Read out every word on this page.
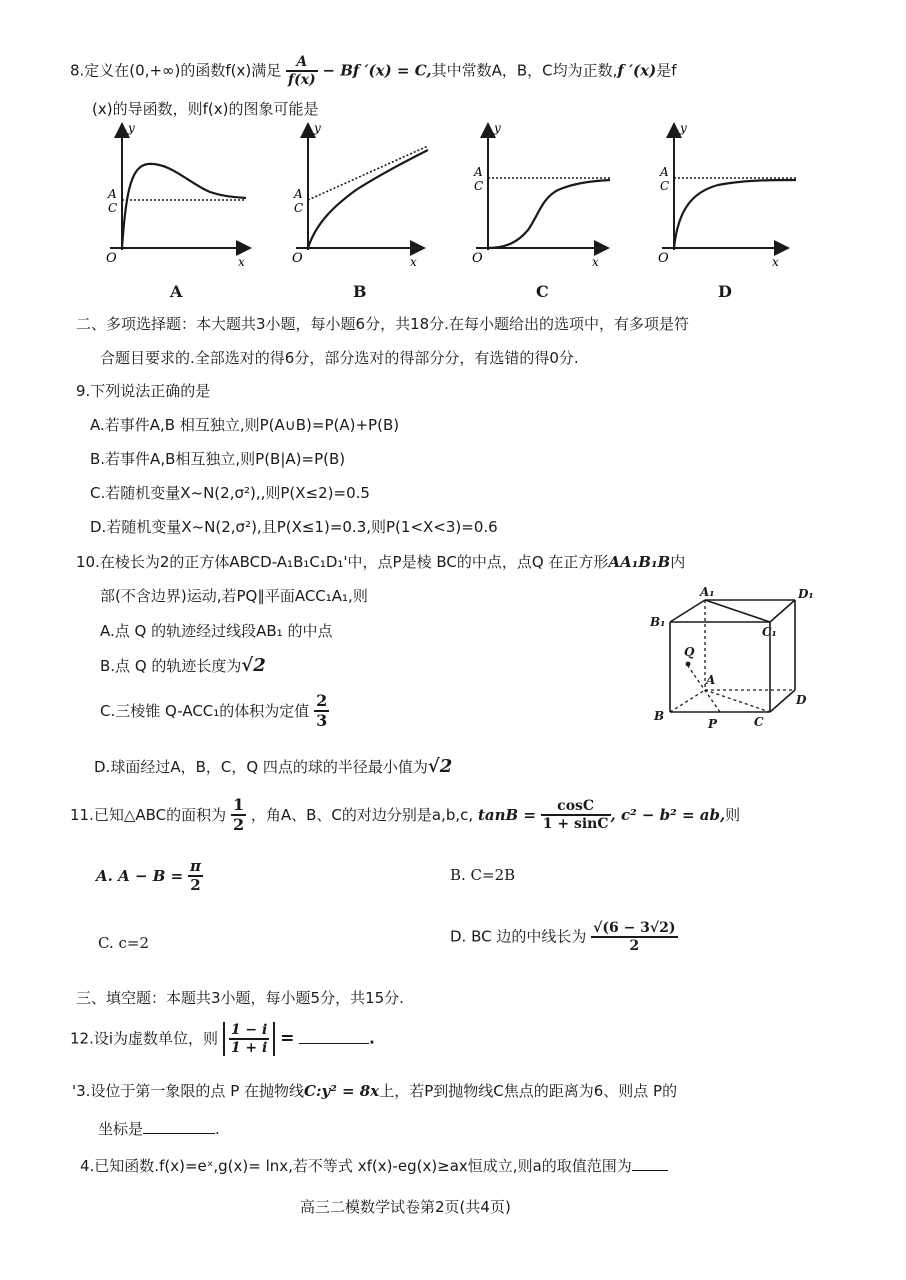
8.定义在(0,+∞)的函数f(x)满足 $\frac{A}{f(x)} - Bf$ ′(x) = C,其中常数A，B，C均为正数,f ′(x)是f
(x)的导函数，则f(x)的图象可能是
y
x
O
A
C
y
x
O
A
C
y
x
O
A
C
y
x
O
A
C
A	B	C	D
二、多项选择题：本大题共3小题，每小题6分，共18分.在每小题给出的选项中，有多项是符
合题目要求的.全部选对的得6分，部分选对的得部分分，有选错的得0分.
9.下列说法正确的是
A.若事件A,B 相互独立,则P(A∪B)=P(A)+P(B)
B.若事件A,B相互独立,则P(B|A)=P(B)
C.若随机变量X~N(2,σ²),,则P(X≤2)=0.5
D.若随机变量X~N(2,σ²),且P(X≤1)=0.3,则P(1<X<3)=0.6
10.在棱长为2的正方体ABCD-A₁B₁C₁D₁'中，点P是棱 BC的中点，点Q 在正方形AA₁B₁B内
部(不含边界)运动,若PQ∥平面ACC₁A₁,则
A.点 Q 的轨迹经过线段AB₁ 的中点
B.点 Q 的轨迹长度为√2
C.三棱锥 Q-ACC₁的体积为定值 $\frac{2}{3}$
D.球面经过A，B，C，Q 四点的球的半径最小值为√2
A₁	D₁
B₁
C₁
Q
A
D
B
P	C
11.已知△ABC的面积为 $\frac{1}{2}$ ，角A、B、C的对边分别是a,b,c, $\tan B = \frac{\cos C}{1 + \sin C}$ , c² − b² = ab,则
A. $A - B = \frac{\pi}{2}$	B. C=2B
C. c=2	D. BC 边的中线长为 $\frac{√(6 - 3√2)}{2}$
三、填空题：本题共3小题，每小题5分，共15分.
12.设i为虚数单位，则 $\frac{1 - i}{1 + i}$ =	.
'3.设位于第一象限的点 P 在抛物线C:y² = 8x上，若P到抛物线C焦点的距离为6、则点 P的
坐标是	.
4.已知函数.f(x)=eˣ,g(x)= lnx,若不等式 xf(x)-eg(x)≥ax恒成立,则a的取值范围为
高三二模数学试卷第2页(共4页)
